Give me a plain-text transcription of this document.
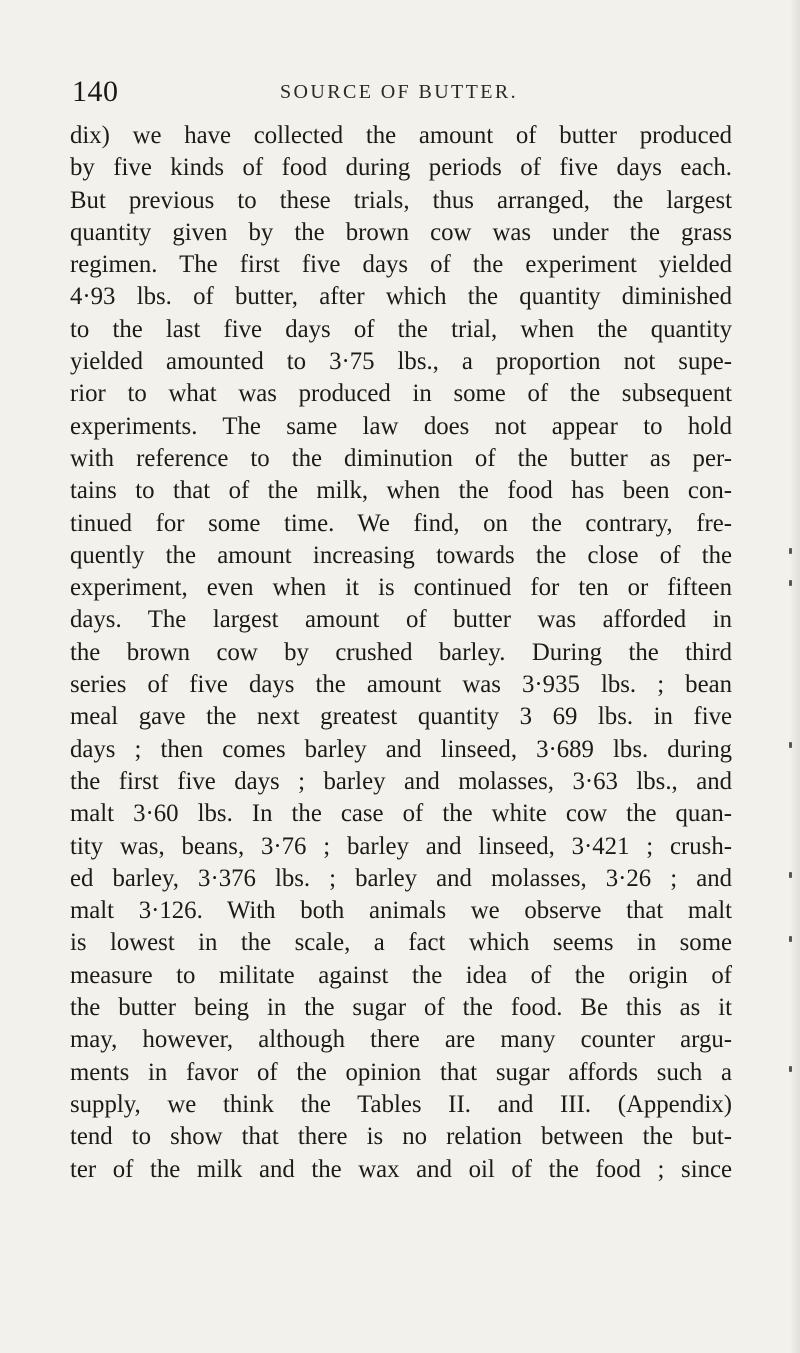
140	SOURCE OF BUTTER.
dix) we have collected the amount of butter produced
by five kinds of food during periods of five days each.
But previous to these trials, thus arranged, the largest
quantity given by the brown cow was under the grass
regimen. The first five days of the experiment yielded
4·93 lbs. of butter, after which the quantity diminished
to the last five days of the trial, when the quantity
yielded amounted to 3·75 lbs., a proportion not supe-
rior to what was produced in some of the subsequent
experiments. The same law does not appear to hold
with reference to the diminution of the butter as per-
tains to that of the milk, when the food has been con-
tinued for some time. We find, on the contrary, fre-
quently the amount increasing towards the close of the
experiment, even when it is continued for ten or fifteen
days. The largest amount of butter was afforded in
the brown cow by crushed barley. During the third
series of five days the amount was 3·935 lbs. ; bean
meal gave the next greatest quantity 3 69 lbs. in five
days ; then comes barley and linseed, 3·689 lbs. during
the first five days ; barley and molasses, 3·63 lbs., and
malt 3·60 lbs. In the case of the white cow the quan-
tity was, beans, 3·76 ; barley and linseed, 3·421 ; crush-
ed barley, 3·376 lbs. ; barley and molasses, 3·26 ; and
malt 3·126. With both animals we observe that malt
is lowest in the scale, a fact which seems in some
measure to militate against the idea of the origin of
the butter being in the sugar of the food. Be this as it
may, however, although there are many counter argu-
ments in favor of the opinion that sugar affords such a
supply, we think the Tables II. and III. (Appendix)
tend to show that there is no relation between the but-
ter of the milk and the wax and oil of the food ; since
